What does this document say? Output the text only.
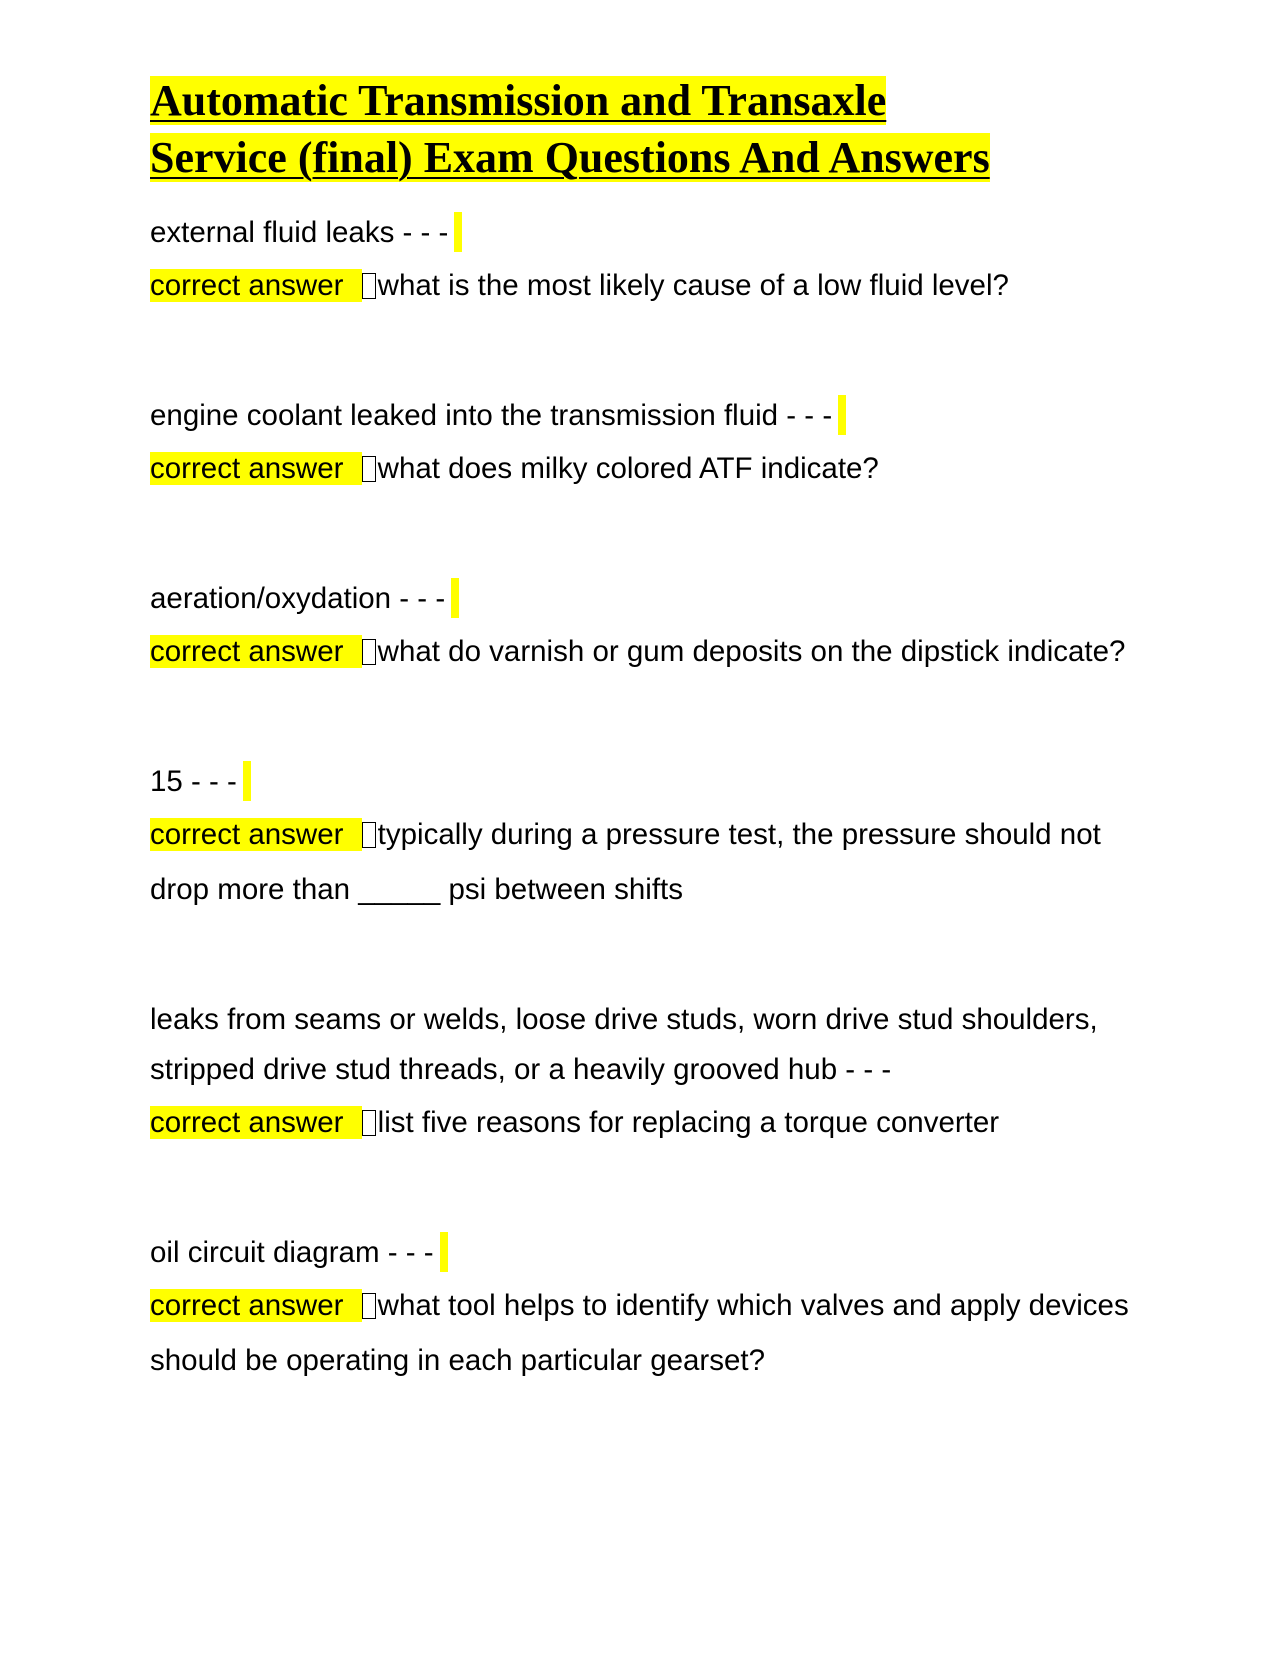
Automatic Transmission and Transaxle
Service (final) Exam Questions And Answers

external fluid leaks - - -

correct answer what is the most likely cause of a low fluid level?

engine coolant leaked into the transmission fluid - - -

correct answer what does milky colored ATF indicate?

aeration/oxydation - - -

correct answer what do varnish or gum deposits on the dipstick indicate?

15 - - -

correct answer typically during a pressure test, the pressure should not drop more than _____ psi between shifts

leaks from seams or welds, loose drive studs, worn drive stud shoulders, stripped drive stud threads, or a heavily grooved hub - - -

correct answer list five reasons for replacing a torque converter

oil circuit diagram - - -

correct answer what tool helps to identify which valves and apply devices should be operating in each particular gearset?
